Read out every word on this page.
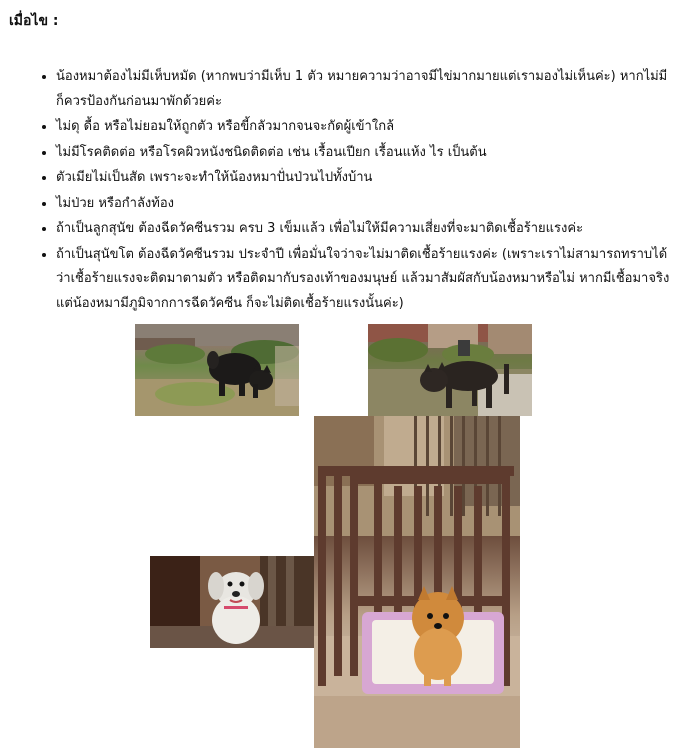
เมื่อไข :
• น้องหมาต้องไม่มีเห็บหมัด (หากพบว่ามีเห็บ 1 ตัว หมายความว่าอาจมีไข่มากมายแต่เรามองไม่เห็นค่ะ) หากไม่มีก็ควรป้องกันก่อนมาพักด้วยค่ะ
• ไม่ดุ ดื้อ หรือไม่ยอมให้ถูกตัว หรือขี้กลัวมากจนจะกัดผู้เข้าใกล้
• ไม่มีโรคติดต่อ หรือโรคผิวหนังชนิดติดต่อ เช่น เรื้อนเปียก เรื้อนแห้ง ไร เป็นต้น
• ตัวเมียไม่เป็นสัด เพราะจะทำให้น้องหมาปั่นป่วนไปทั้งบ้าน
• ไม่ป่วย หรือกำลังท้อง
• ถ้าเป็นลูกสุนัข ต้องฉีดวัคซีนรวม ครบ 3 เข็มแล้ว เพื่อไม่ให้มีความเสี่ยงที่จะมาติดเชื้อร้ายแรงค่ะ
• ถ้าเป็นสุนัขโต ต้องฉีดวัคซีนรวม ประจำปี เพื่อมั่นใจว่าจะไม่มาติดเชื้อร้ายแรงค่ะ (เพราะเราไม่สามารถทราบได้ว่าเชื้อร้ายแรงจะติดมาตามตัว หรือติดมากับรองเท้าของมนุษย์ แล้วมาสัมผัสกับน้องหมาหรือไม่ หากมีเชื้อมาจริง แต่น้องหมามีภูมิจากการฉีดวัคซีน ก็จะไม่ติดเชื้อร้ายแรงนั้นค่ะ)
